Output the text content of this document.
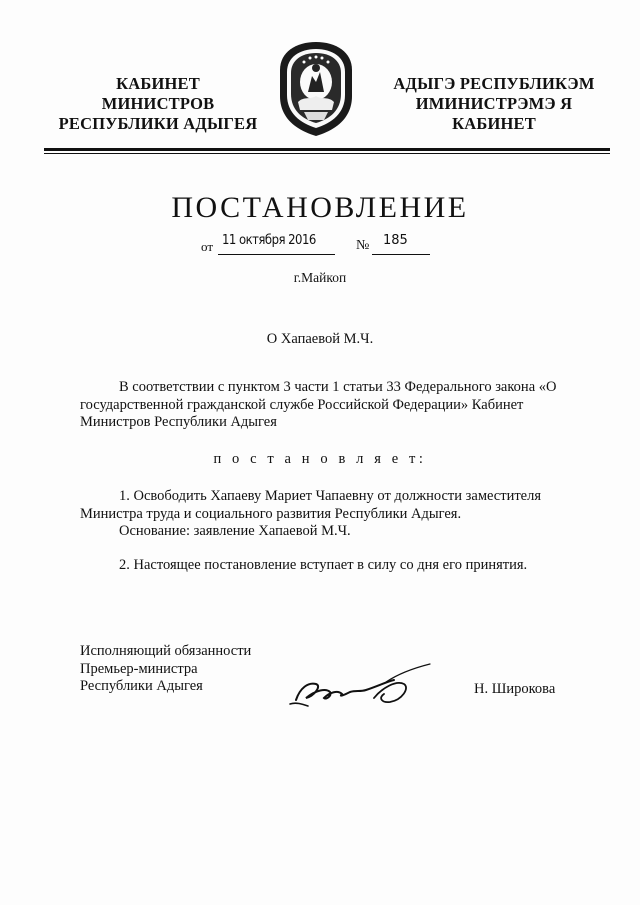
КАБИНЕТ МИНИСТРОВ
РЕСПУБЛИКИ АДЫГЕЯ
АДЫГЭ РЕСПУБЛИКЭМ
ИМИНИСТРЭМЭ Я КАБИНЕТ
ПОСТАНОВЛЕНИЕ
от 11 октября 2016	№ 185
г.Майкоп
О Хапаевой М.Ч.
В соответствии с пунктом 3 части 1 статьи 33 Федерального закона «О государственной гражданской службе Российской Федерации» Кабинет Министров Республики Адыгея
п о с т а н о в л я е т:
1. Освободить Хапаеву Мариет Чапаевну от должности заместителя Министра труда и социального развития Республики Адыгея.
Основание: заявление Хапаевой М.Ч.
2. Настоящее постановление вступает в силу со дня его принятия.
Исполняющий обязанности
Премьер-министра
Республики Адыгея	Н. Широкова
